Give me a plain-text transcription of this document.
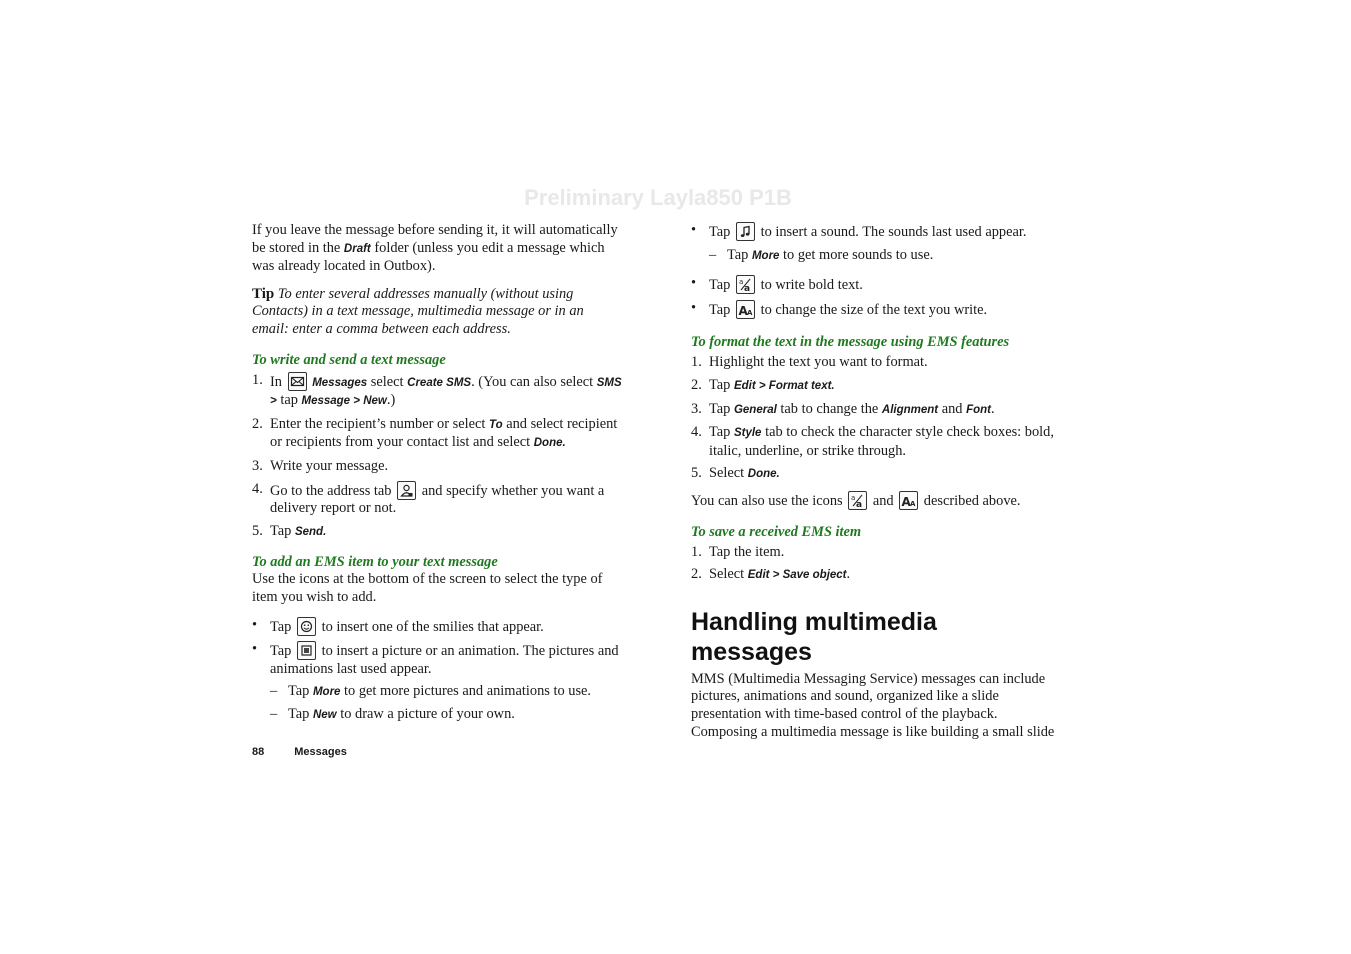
Preliminary Layla850 P1B

If you leave the message before sending it, it will automatically be stored in the Draft folder (unless you edit a message which was already located in Outbox).

Tip To enter several addresses manually (without using Contacts) in a text message, multimedia message or in an email: enter a comma between each address.

To write and send a text message
1. In
Messages select Create SMS. (You can also select SMS > tap Message > New.)
2. Enter the recipient’s number or select To and select recipient or recipients from your contact list and select Done.
3. Write your message.
4. Go to the address tab
and specify whether you want a delivery report or not.
5. Tap Send.
To add an EMS item to your text message

Use the icons at the bottom of the screen to select the type of item you wish to add.

• Tap
to insert one of the smilies that appear.
• Tap
to insert a picture or an animation. The pictures and animations last used appear.
– Tap More to get more pictures and animations to use.
– Tap New to draw a picture of your own.
• Tap
to insert a sound. The sounds last used appear.
– Tap More to get more sounds to use.
• Tap a
a to write bold text.
• Tap A A to change the size of the text you write.
To format the text in the message using EMS features
1. Highlight the text you want to format.
2. Tap Edit > Format text.
3. Tap General tab to change the Alignment and Font.
4. Tap Style tab to check the character style check boxes: bold, italic, underline, or strike through.
5. Select Done.

You can also use the icons a
a and A A described above.

To save a received EMS item
1. Tap the item.
2. Select Edit > Save object.
Handling multimedia messages

MMS (Multimedia Messaging Service) messages can include pictures, animations and sound, organized like a slide presentation with time-based control of the playback. Composing a multimedia message is like building a small slide

88	Messages
